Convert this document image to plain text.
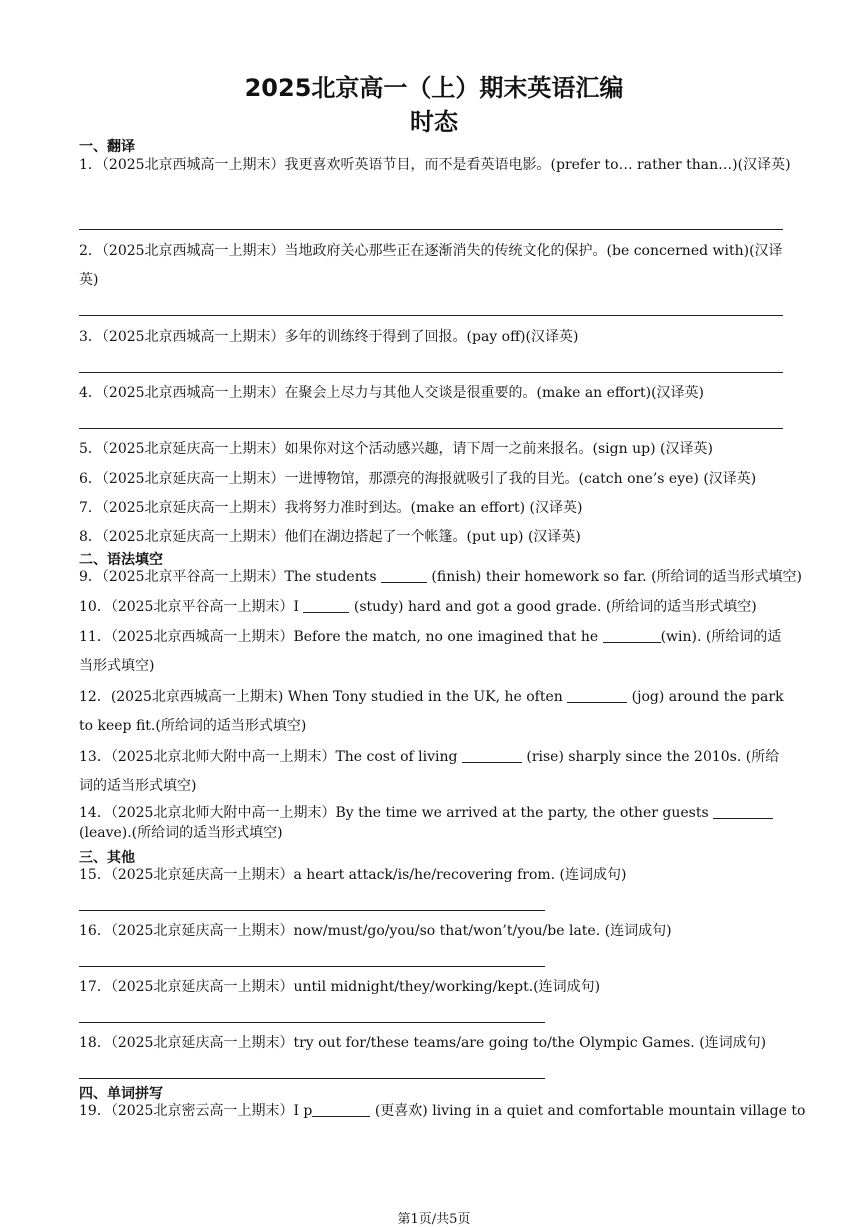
2025北京高一（上）期末英语汇编
时态
一、翻译
1．（2025北京西城高一上期末）我更喜欢听英语节目，而不是看英语电影。(prefer to… rather than…)(汉译英)
2．（2025北京西城高一上期末）当地政府关心那些正在逐渐消失的传统文化的保护。(be concerned with)(汉译英)
3．（2025北京西城高一上期末）多年的训练终于得到了回报。(pay off)(汉译英)
4．（2025北京西城高一上期末）在聚会上尽力与其他人交谈是很重要的。(make an effort)(汉译英)
5．（2025北京延庆高一上期末）如果你对这个活动感兴趣，请下周一之前来报名。(sign up) (汉译英)
6．（2025北京延庆高一上期末）一进博物馆，那漂亮的海报就吸引了我的目光。(catch one’s eye) (汉译英)
7．（2025北京延庆高一上期末）我将努力准时到达。(make an effort) (汉译英)
8．（2025北京延庆高一上期末）他们在湖边搭起了一个帐篷。(put up) (汉译英)
二、语法填空
9．（2025北京平谷高一上期末）The students	(finish) their homework so far. (所给词的适当形式填空)
10．（2025北京平谷高一上期末）I	(study) hard and got a good grade. (所给词的适当形式填空)
11．（2025北京西城高一上期末）Before the match, no one imagined that he	(win). (所给词的适当形式填空)
12．(2025北京西城高一上期末) When Tony studied in the UK, he often	(jog) around the park to keep fit.(所给词的适当形式填空)
13．（2025北京北师大附中高一上期末）The cost of living	(rise) sharply since the 2010s. (所给词的适当形式填空)
14．（2025北京北师大附中高一上期末）By the time we arrived at the party, the other guests  (leave).(所给词的适当形式填空)
三、其他
15．（2025北京延庆高一上期末）a heart attack/is/he/recovering from. (连词成句)
16．（2025北京延庆高一上期末）now/must/go/you/so that/won’t/you/be late. (连词成句)
17．（2025北京延庆高一上期末）until midnight/they/working/kept.(连词成句)
18．（2025北京延庆高一上期末）try out for/these teams/are going to/the Olympic Games. (连词成句)
四、单词拼写
19．（2025北京密云高一上期末）I p	(更喜欢) living in a quiet and comfortable mountain village to
第1页/共5页
